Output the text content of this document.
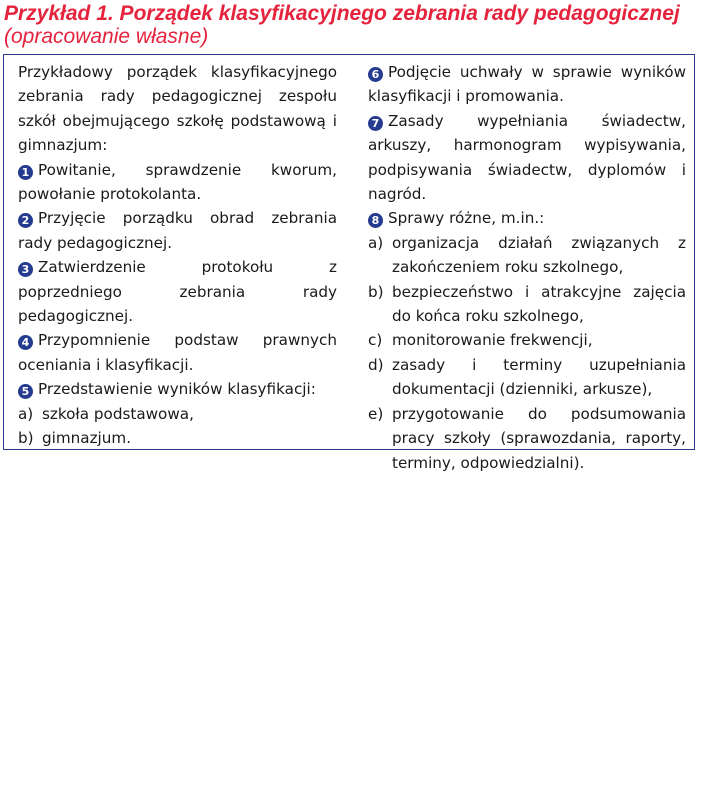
Przykład 1. Porządek klasyfikacyjnego zebrania rady pedagogicznej (opracowanie własne)

Przykładowy porządek klasyfikacyjnego zebrania rady pedagogicznej zespołu szkół obejmującego szkołę podstawową i gimnazjum:

1 Powitanie, sprawdzenie kworum, powołanie protokolanta.

2 Przyjęcie porządku obrad zebrania rady pedagogicznej.

3 Zatwierdzenie protokołu z poprzedniego zebrania rady pedagogicznej.

4 Przypomnienie podstaw prawnych oceniania i klasyfikacji.

5 Przedstawienie wyników klasyfikacji:

a) szkoła podstawowa,
b) gimnazjum.

6 Podjęcie uchwały w sprawie wyników klasyfikacji i promowania.

7 Zasady wypełniania świadectw, arkuszy, harmonogram wypisywania, podpisywania świadectw, dyplomów i nagród.

8 Sprawy różne, m.in.:

a) organizacja działań związanych z zakończeniem roku szkolnego,
b) bezpieczeństwo i atrakcyjne zajęcia do końca roku szkolnego,
c) monitorowanie frekwencji,
d) zasady i terminy uzupełniania dokumentacji (dzienniki, arkusze),
e) przygotowanie do podsumowania pracy szkoły (sprawozdania, raporty, terminy, odpowiedzialni).
